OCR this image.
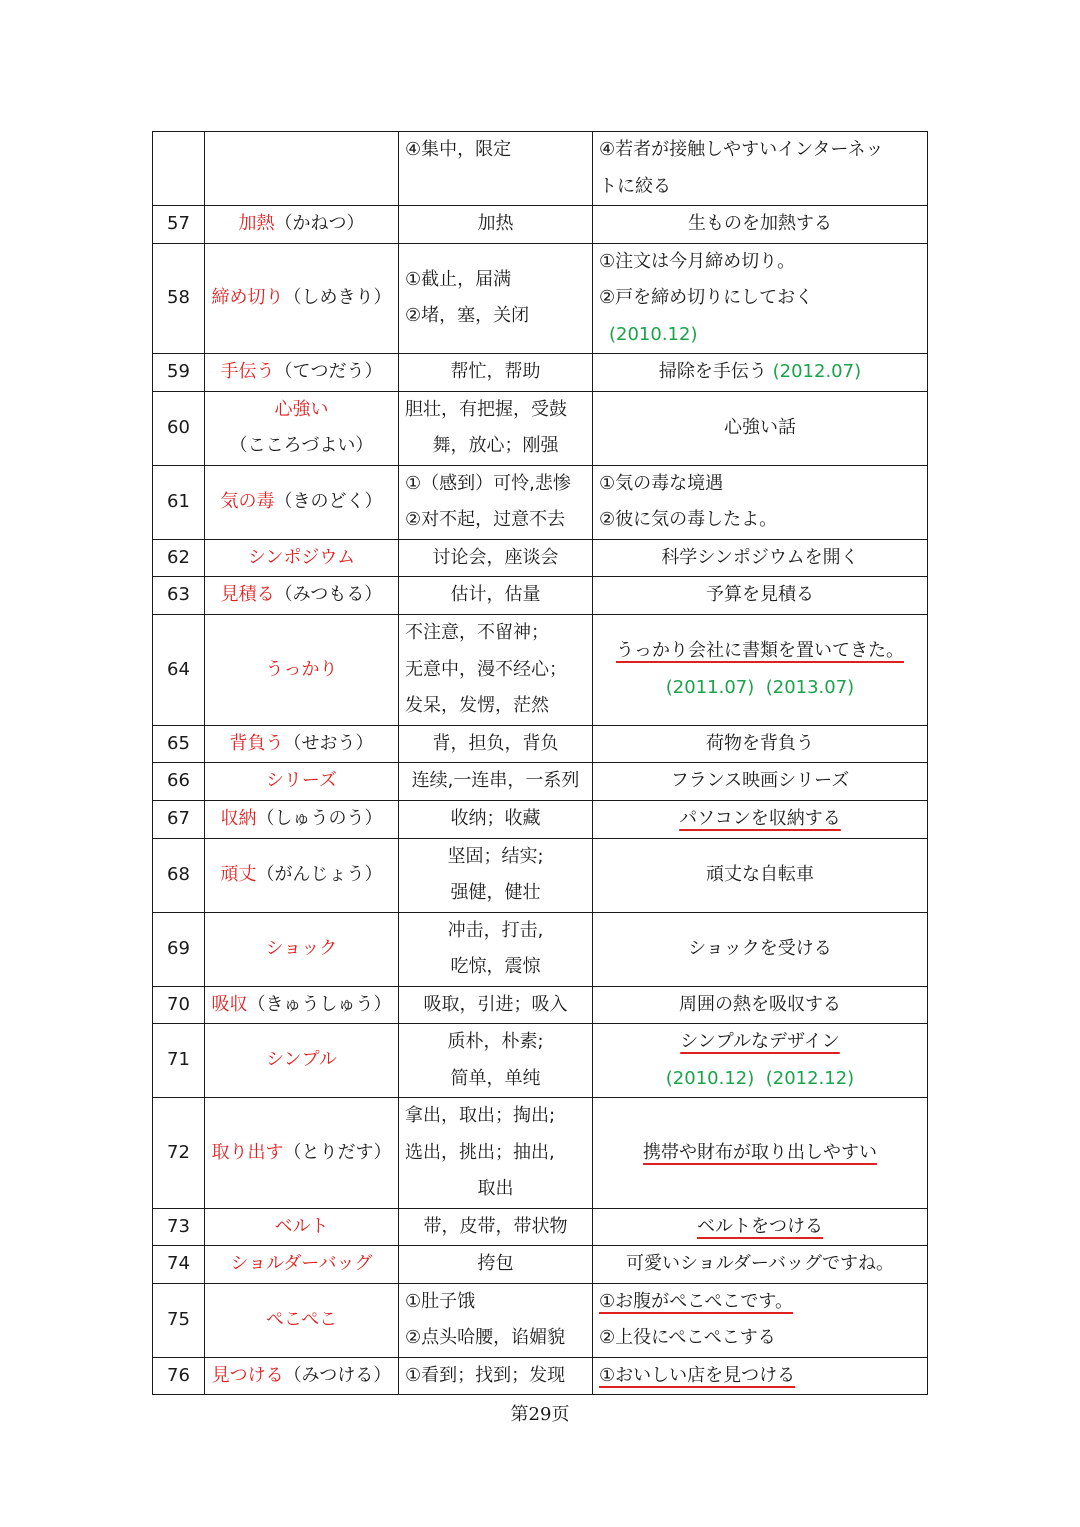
		④集中，限定	④若者が接触しやすいインターネッ
トに絞る

57	加熱（かねつ）	加热	生ものを加熱する
58	締め切り（しめきり）	①截止，届满
②堵，塞，关闭	①注文は今月締め切り。
②戸を締め切りにしておく
(2010.12)

59	手伝う（てつだう）	帮忙，帮助	掃除を手伝う (2012.07)
60	心強い
（こころづよい）	胆壮，有把握，受鼓
舞，放心；刚强	心強い話
61	気の毒（きのどく）	①（感到）可怜,悲惨
②对不起，过意不去	①気の毒な境遇
②彼に気の毒したよ。

62	シンポジウム	讨论会，座谈会	科学シンポジウムを開く
63	見積る（みつもる）	估计，估量	予算を見積る
64	うっかり	不注意，不留神；
无意中，漫不经心；
发呆，发愣，茫然	うっかり会社に書類を置いてきた。
(2011.07) (2013.07)

65	背負う（せおう）	背，担负，背负	荷物を背負う
66	シリーズ	连续,一连串，一系列	フランス映画シリーズ
67	収納（しゅうのう）	收纳；收藏	パソコンを収納する
68	頑丈（がんじょう）	坚固；结实;
强健，健壮	頑丈な自転車
69	ショック	冲击，打击,
吃惊，震惊	ショックを受ける
70	吸収（きゅうしゅう）	吸取，引进；吸入	周囲の熱を吸収する
71	シンプル	质朴，朴素;
简单，单纯	シンプルなデザイン
(2010.12) (2012.12)

72	取り出す（とりだす）	拿出，取出；掏出;
选出，挑出；抽出,
取出	携帯や財布が取り出しやすい
73	ベルト	带，皮带，带状物	ベルトをつける
74	ショルダーバッグ	挎包	可愛いショルダーバッグですね。
75	ぺこぺこ	①肚子饿
②点头哈腰，谄媚貌	①お腹がぺこぺこです。
②上役にぺこぺこする

76	見つける（みつける）	①看到；找到；发现	①おいしい店を見つける
第29页
